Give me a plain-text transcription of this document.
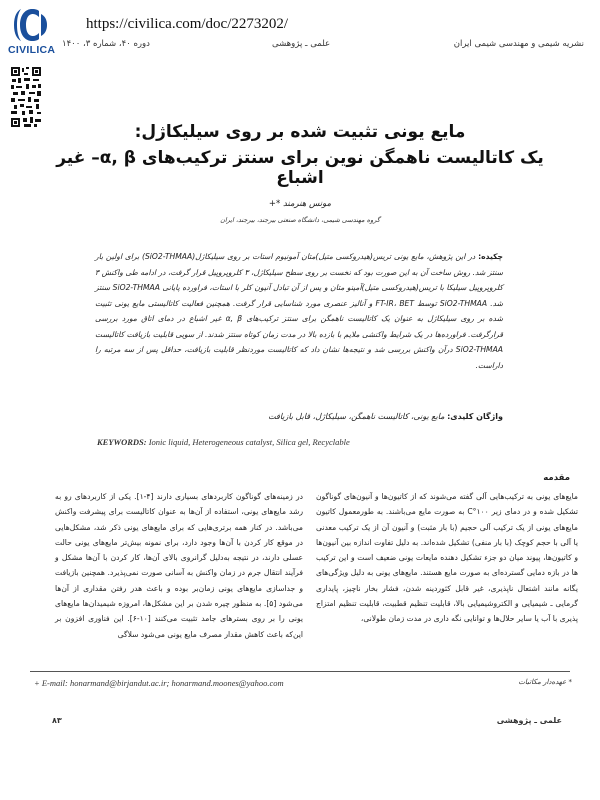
CIVILICA
https://civilica.com/doc/2273202/
نشریه شیمی و مهندسی شیمی ایران
علمی ـ پژوهشی
دوره ۴۰، شماره ۳، ۱۴۰۰
مایع یونی تثبیت شده بر روی سیلیکاژل:
یک کاتالیست ناهمگن نوین برای سنتز ترکیب‌های α, β– غیر اشباع
مونس هنرمند *+
گروه مهندسی شیمی، دانشگاه صنعتی بیرجند، بیرجند، ایران
چکیده: در این پژوهش، مایع یونی تریس(هیدروکسی متیل)متان آمونیوم استات بر روی سیلیکاژل(SiO2-THMAA) برای اولین بار سنتز شد. روش ساخت آن به این صورت بود که نخست بر روی سطح سیلیکاژل، ۳ کلروپروپیل قرار گرفت، در ادامه طی واکنش ۳ کلروپروپیل سیلیکا با تریس(هیدروکسی متیل)آمینو متان و پس از آن تبادل آنیون کلر با استات، فراورده پایانی SiO2-THMAA سنتز شد. SiO2-THMAA توسط FT-IR، BET و آنالیز عنصری مورد شناسایی قرار گرفت. همچنین فعالیت کاتالیستی مایع یونی تثبیت شده بر روی سیلیکاژل به عنوان یک کاتالیست ناهمگن برای سنتز ترکیب‌های α, β غیر اشباع در دمای اتاق مورد بررسی قرارگرفت. فراورده‌ها در یک شرایط واکنشی ملایم با بازده بالا در مدت زمان کوتاه سنتز شدند. از سویی قابلیت بازیافت کاتالیست SiO2-THMAA درآن واکنش بررسی شد و نتیجه‌ها نشان داد که کاتالیست موردنظر قابلیت بازیافت، حداقل پس از سه مرتبه را داراست.
واژگان کلیدی: مایع یونی، کاتالیست ناهمگن، سیلیکاژل، قابل بازیافت
KEYWORDS: Ionic liquid, Heterogeneous catalyst, Silica gel, Recyclable
مقدمه
مایع‌های یونی به ترکیب‌هایی آلی گفته می‌شوند که از کاتیون‌ها و آنیون‌های گوناگون تشکیل شده و در دمای زیر ۱۰۰°C به صورت مایع می‌باشند. به طورمعمول کاتیون مایع‌های یونی از یک ترکیب آلی حجیم (با بار مثبت) و آنیون آن از یک ترکیب معدنی یا آلی با حجم کوچک (با بار منفی) تشکیل شده‌اند. به دلیل تفاوت اندازه بین آنیون‌ها و کاتیون‌ها، پیوند میان دو جزء تشکیل دهنده مایعات یونی ضعیف است و این ترکیب ها در بازه دمایی گسترده‌ای به صورت مایع هستند. مایع‌های یونی به دلیل ویژگی‌های یگانه مانند اشتعال ناپذیری، غیر قابل کئوردینه شدن، فشار بخار ناچیز، پایداری گرمایی ـ شیمیایی و الکتروشیمیایی بالا، قابلیت تنظیم قطبیت، قابلیت تنظیم امتزاج پذیری با آب یا سایر حلال‌ها و توانایی نگه داری در مدت زمان طولانی،
در زمینه‌های گوناگون کاربردهای بسیاری دارند [۴-۱]. یکی از کاربردهای رو به رشد مایع‌های یونی، استفاده از آن‌ها به عنوان کاتالیست برای پیشرفت واکنش می‌باشد. در کنار همه برتری‌هایی که برای مایع‌های یونی ذکر شد، مشکل‌هایی در موقع کار کردن با آن‌ها وجود دارد، برای نمونه بیش‌تر مایع‌های یونی حالت عسلی دارند، در نتیجه به‌دلیل گرانروی بالای آن‌ها، کار کردن با آن‌ها مشکل و فرآیند انتقال جرم در زمان واکنش به آسانی صورت نمی‌پذیرد. همچنین بازیافت و جداسازی مایع‌های یونی زمان‌بر بوده و باعث هدر رفتن مقداری از آن‌ها می‌شود [۵]. به منظور چیره شدن بر این مشکل‌ها، امروزه شیمیدان‌ها مایع‌های یونی را بر روی بسترهای جامد تثبیت می‌کنند [۱۰-۶]. این فناوری افزون بر این‌که باعث کاهش مقدار مصرف مایع یونی می‌شود سلاگی
+ E-mail: honarmand@birjandut.ac.ir; honarmand.moones@yahoo.com	* عهده‌دار مکاتبات
علمی ـ پژوهشی
۸۳
